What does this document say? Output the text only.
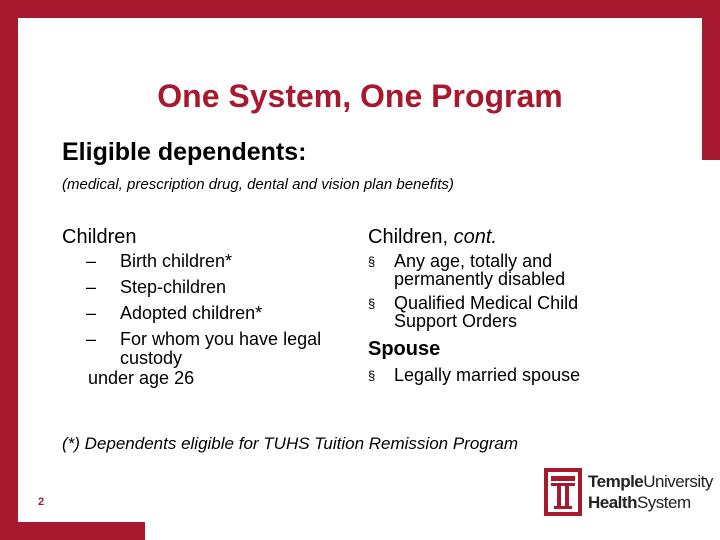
One System, One Program
Eligible dependents:
(medical, prescription drug, dental and vision plan benefits)
Children
– Birth children*
– Step-children
– Adopted children*
– For whom you have legal custody
under age 26
Children, cont.
§ Any age, totally and permanently disabled
§ Qualified Medical Child Support Orders
Spouse
§ Legally married spouse
(*) Dependents eligible for TUHS Tuition Remission Program
2
TempleUniversity
HealthSystem
